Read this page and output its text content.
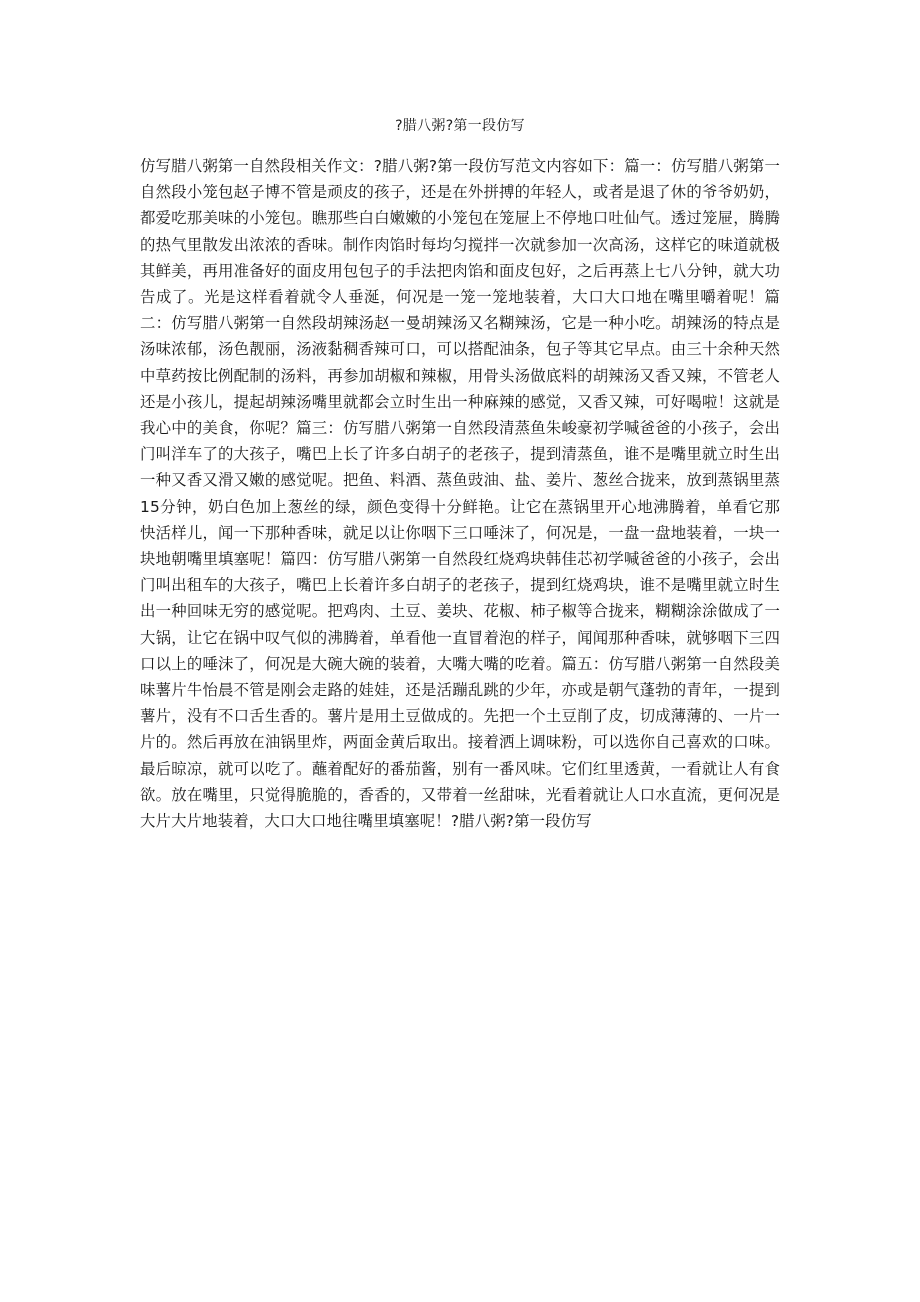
?腊八粥?第一段仿写

仿写腊八粥第一自然段相关作文：?腊八粥?第一段仿写范文内容如下：篇一：仿写腊八粥第一自然段小笼包赵子博不管是顽皮的孩子，还是在外拼搏的年轻人，或者是退了休的爷爷奶奶，都爱吃那美味的小笼包。瞧那些白白嫩嫩的小笼包在笼屉上不停地口吐仙气。透过笼屉，腾腾的热气里散发出浓浓的香味。制作肉馅时每均匀搅拌一次就参加一次高汤，这样它的味道就极其鲜美，再用准备好的面皮用包包子的手法把肉馅和面皮包好，之后再蒸上七八分钟，就大功告成了。光是这样看着就令人垂涎，何况是一笼一笼地装着，大口大口地在嘴里嚼着呢！篇二：仿写腊八粥第一自然段胡辣汤赵一曼胡辣汤又名糊辣汤，它是一种小吃。胡辣汤的特点是汤味浓郁，汤色靓丽，汤液黏稠香辣可口，可以搭配油条，包子等其它早点。由三十余种天然中草药按比例配制的汤料，再参加胡椒和辣椒，用骨头汤做底料的胡辣汤又香又辣，不管老人还是小孩儿，提起胡辣汤嘴里就都会立时生出一种麻辣的感觉，又香又辣，可好喝啦！这就是我心中的美食，你呢？篇三：仿写腊八粥第一自然段清蒸鱼朱峻豪初学喊爸爸的小孩子，会出门叫洋车了的大孩子，嘴巴上长了许多白胡子的老孩子，提到清蒸鱼，谁不是嘴里就立时生出一种又香又滑又嫩的感觉呢。把鱼、料酒、蒸鱼豉油、盐、姜片、葱丝合拢来，放到蒸锅里蒸15分钟，奶白色加上葱丝的绿，颜色变得十分鲜艳。让它在蒸锅里开心地沸腾着，单看它那快活样儿，闻一下那种香味，就足以让你咽下三口唾沫了，何况是，一盘一盘地装着，一块一块地朝嘴里填塞呢！篇四：仿写腊八粥第一自然段红烧鸡块韩佳芯初学喊爸爸的小孩子，会出门叫出租车的大孩子，嘴巴上长着许多白胡子的老孩子，提到红烧鸡块，谁不是嘴里就立时生出一种回味无穷的感觉呢。把鸡肉、土豆、姜块、花椒、柿子椒等合拢来，糊糊涂涂做成了一大锅，让它在锅中叹气似的沸腾着，单看他一直冒着泡的样子，闻闻那种香味，就够咽下三四口以上的唾沫了，何况是大碗大碗的装着，大嘴大嘴的吃着。篇五：仿写腊八粥第一自然段美味薯片牛怡晨不管是刚会走路的娃娃，还是活蹦乱跳的少年，亦或是朝气蓬勃的青年，一提到薯片，没有不口舌生香的。薯片是用土豆做成的。先把一个土豆削了皮，切成薄薄的、一片一片的。然后再放在油锅里炸，两面金黄后取出。接着洒上调味粉，可以选你自己喜欢的口味。最后晾凉，就可以吃了。蘸着配好的番茄酱，别有一番风味。它们红里透黄，一看就让人有食欲。放在嘴里，只觉得脆脆的，香香的，又带着一丝甜味，光看着就让人口水直流，更何况是大片大片地装着，大口大口地往嘴里填塞呢！?腊八粥?第一段仿写
